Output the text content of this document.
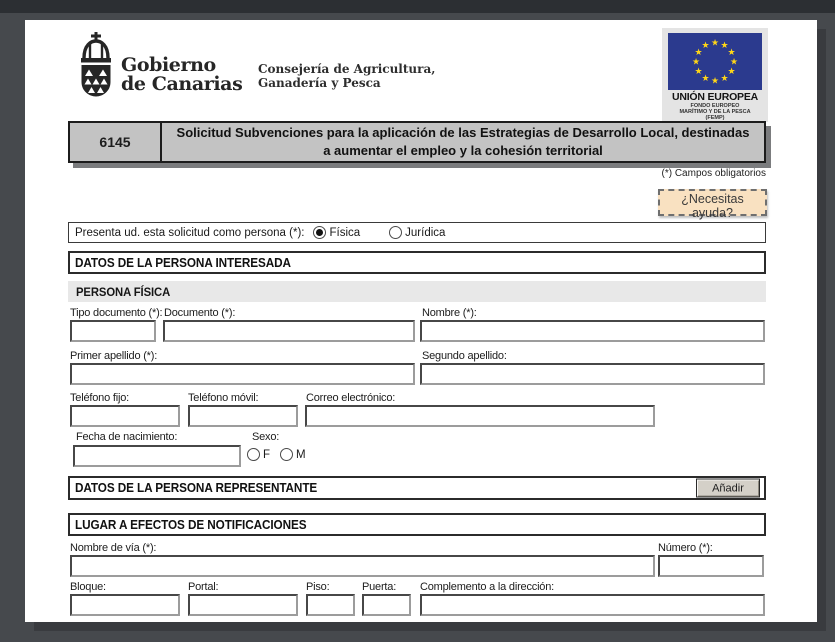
Gobierno
de Canarias
Consejería de Agricultura,
Ganadería y Pesca
★ ★
★
★
★
★
★
★
★
★
★
★
UNIÓN EUROPEA
FONDO EUROPEO
MARÍTIMO Y DE LA PESCA
(FEMP)
6145
Solicitud Subvenciones para la aplicación de las Estrategias de Desarrollo Local, destinadas a aumentar el empleo y la cohesión territorial
(*) Campos obligatorios
¿Necesitas ayuda?
Presenta ud. esta solicitud como persona (*): Física	Jurídica
DATOS DE LA PERSONA INTERESADA
PERSONA FÍSICA
Tipo documento (*): Documento (*):	Nombre (*):
Primer apellido (*):	Segundo apellido:
Teléfono fijo:	Teléfono móvil:	Correo electrónico:
Fecha de nacimiento:	Sexo:
F M
DATOS DE LA PERSONA REPRESENTANTE	Añadir
LUGAR A EFECTOS DE NOTIFICACIONES
Nombre de vía (*):	Número (*):
Bloque:	Portal:	Piso:	Puerta: Complemento a la dirección:
